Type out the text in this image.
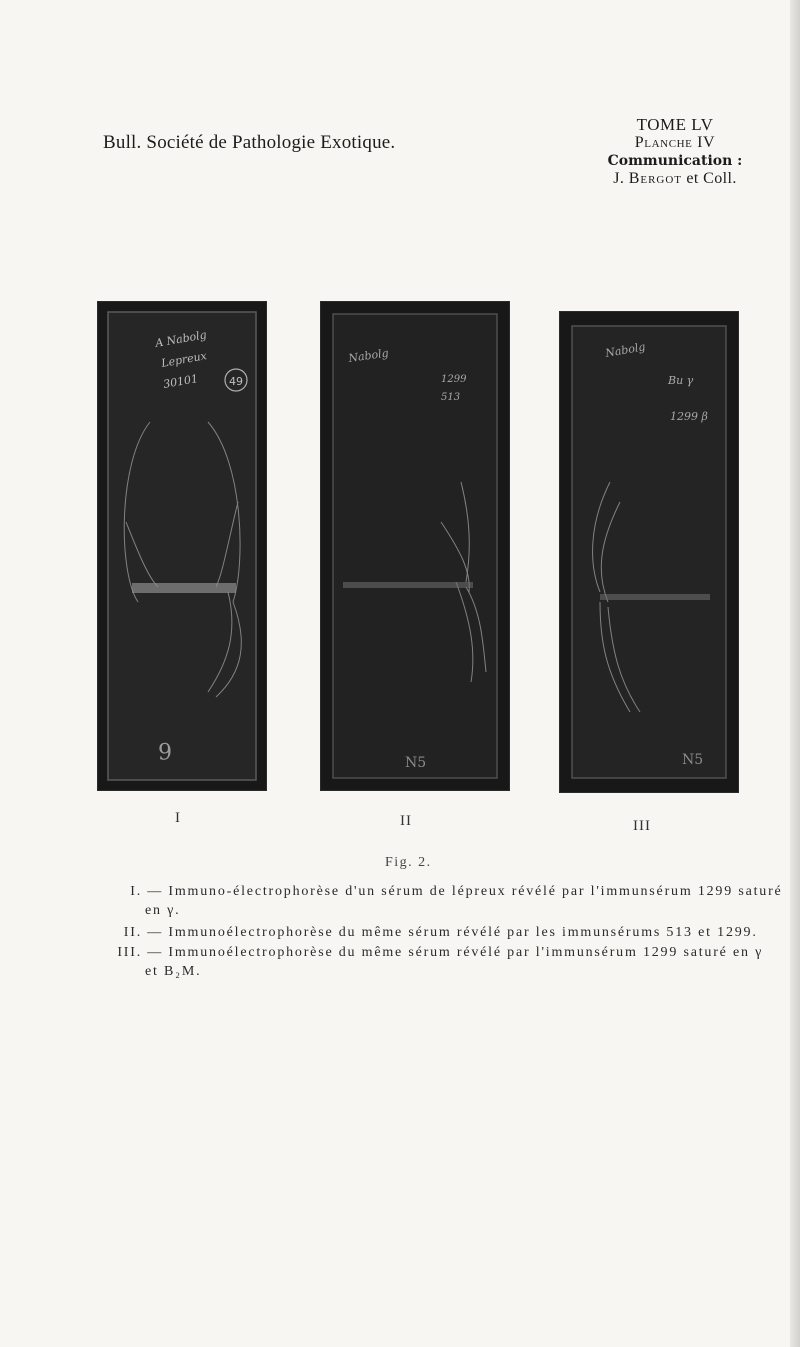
Bull. Société de Pathologie Exotique.
TOME LV
Planche IV
Communication :
J. Bergot et Coll.
49
A Nabolg
Lepreux
30101
6
Nabolg
1299
513
N5
Nabolg
Bu γ
1299 β
N5
I	II	III
Fig. 2.
I. — Immuno-électrophorèse d'un sérum de lépreux révélé par l'immunsérum 1299 saturé
en γ.
II. — Immunoélectrophorèse du même sérum révélé par les immunsérums 513 et 1299.
III. — Immunoélectrophorèse du même sérum révélé par l'immunsérum 1299 saturé en γ
et B₂M.
